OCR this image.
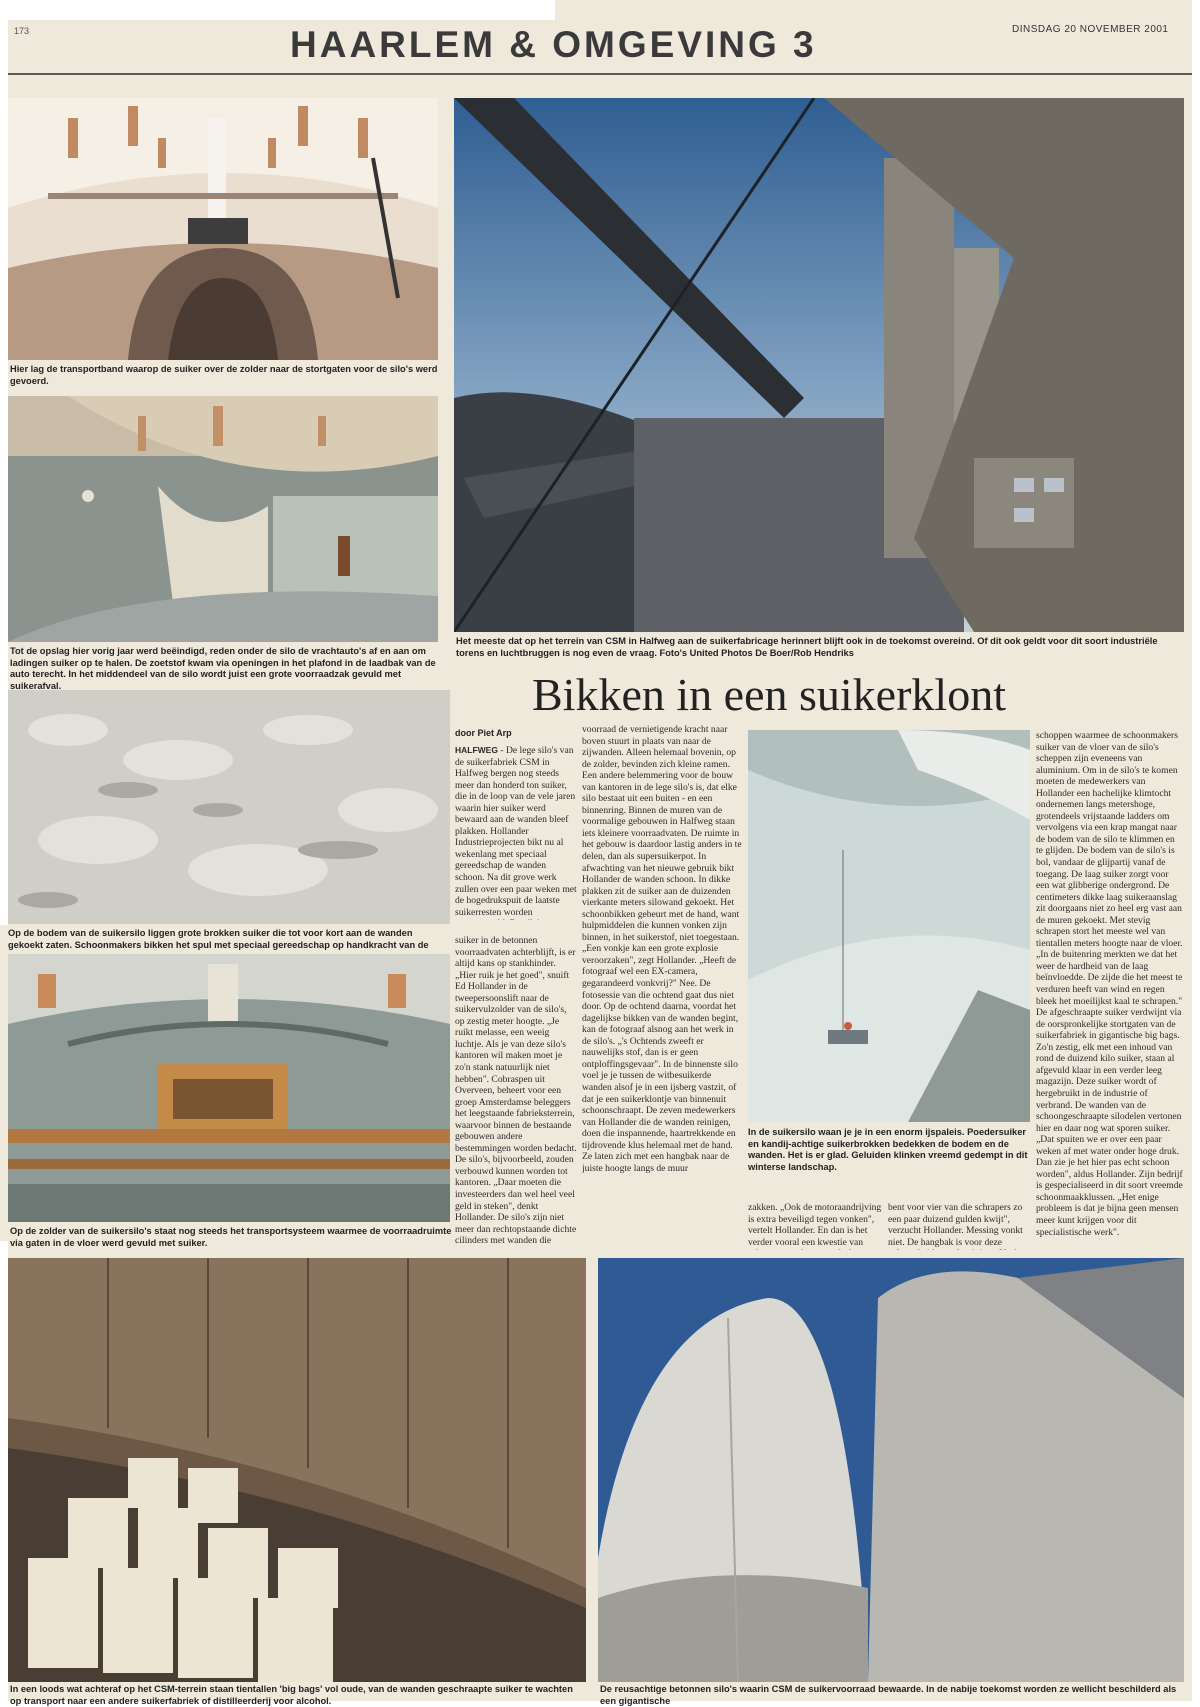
173	DINSDAG 20 NOVEMBER 2001
HAARLEM & OMGEVING 3
Hier lag de transportband waarop de suiker over de zolder naar de stortgaten voor de silo's werd gevoerd.
Tot de opslag hier vorig jaar werd beëindigd, reden onder de silo de vrachtauto's af en aan om ladingen suiker op te halen. De zoetstof kwam via openingen in het plafond in de laadbak van de auto terecht. In het middendeel van de silo wordt juist een grote voorraadzak gevuld met suikerafval.
Het meeste dat op het terrein van CSM in Halfweg aan de suikerfabricage herinnert blijft ook in de toekomst overeind. Of dit ook geldt voor dit soort industriële torens en luchtbruggen is nog even de vraag. Foto's United Photos De Boer/Rob Hendriks
Bikken in een suikerklont
door Piet Arp

HALFWEG - De lege silo's van de suikerfabriek CSM in Halfweg bergen nog steeds meer dan honderd ton suiker, die in de loop van de vele jaren waarin hier suiker werd bewaard aan de wanden bleef plakken. Hollander Industrieprojecten bikt nu al wekenlang met speciaal gereedschap de wanden schoon. Na dit grove werk zullen over een paar weken met de hogedrukspuit de laatste suikerresten worden

Op de bodem van de suikersilo liggen grote brokken suiker die tot voor kort aan de wanden gekoekt zaten. Schoonmakers bikken het spul met speciaal gereedschap op handkracht van de	suiker in de betonnen voorraadvaten achterblijft, is er altijd kans op stankhinder. „Hier ruik je het goed", snuift Ed Hollander in de tweepersoonslift naar de suikervulzolder van de silo's, op zestig meter hoogte. „Je ruikt melasse, een weeig luchtje. Als je van deze silo's kantoren wil maken moet je zo'n stank natuurlijk niet hebben". Cobraspen uit Overveen, beheert voor een groep Amsterdamse beleggers het leegstaande fabrieksterrein, waarvoor binnen de bestaande gebouwen andere bestemmingen worden bedacht. De silo's, bijvoorbeeld, zouden verbouwd kunnen worden tot kantoren. „Daar moeten die investeerders dan wel heel veel geld in steken", denkt Hollander. De silo's zijn niet meer dan rechtopstaande dichte cilinders met wanden die

voorraad de vernietigende kracht naar boven stuurt in plaats van naar de zijwanden. Alleen helemaal bovenin, op de zolder, bevinden zich kleine ramen. Een andere belemmering voor de bouw van kantoren in de lege silo's is, dat elke silo bestaat uit een buiten - en een binnenring. Binnen de muren van de voormalige gebouwen in Halfweg staan iets kleinere voorraadvaten. De ruimte in het gebouw is daardoor lastig anders in te delen, dan als supersuikerpot. In afwachting van het nieuwe gebruik bikt Hollander de wanden schoon. In dikke plakken zit de suiker aan de duizenden vierkante meters silowand gekoekt. Het schoonbikken gebeurt met de hand, want hulpmiddelen die kunnen vonken zijn binnen, in het suikerstof, niet toegestaan. „Een vonkje kan een grote explosie veroorzaken", zegt Hollander. „Heeft de fotograaf wel een EX-camera, gegarandeerd vonkvrij?" Nee. De fotosessie van die ochtend gaat dus niet door. Op de ochtend daarna, voordat het dagelijkse bikken van de wanden begint, kan de fotograaf alsnog aan het werk in de silo's. „'s Ochtends zweeft er nauwelijks stof, dan is er geen ontploffingsgevaar". In de binnenste silo voel je je tussen de witbesuikerde wanden alsof je in een ijsberg vastzit, of dat je een suikerklontje van binnenuit schoonschraapt. De zeven medewerkers van Hollander die de wanden reinigen, doen die inspannende, haartrekkende en tijdrovende klus helemaal met de hand. Ze laten zich met een hangbak naar de juiste hoogte langs de muur

In de suikersilo waan je je in een enorm ijspaleis. Poedersuiker en kandij-achtige suikerbrokken bedekken de bodem en de wanden. Het is er glad. Geluiden klinken vreemd gedempt in dit winterse landschap.

zakken. „Ook de motoraandrijving is extra beveiligd tegen vonken", vertelt Hollander. En dan is het verder vooral een kwestie van

bent voor vier van die schrapers zo een paar duizend gulden kwijt", verzucht Hollander. Messing vonkt niet. De hangbak is voor deze

schoppen waarmee de schoonmakers suiker van de vloer van de silo's scheppen zijn eveneens van aluminium. Om in de silo's te komen moeten de medewerkers van Hollander een hachelijke klimtocht ondernemen langs metershoge, grotendeels vrijstaande ladders om vervolgens via een krap mangat naar de bodem van de silo te klimmen en te glijden. De bodem van de silo's is bol, vandaar de glijpartij vanaf de toegang. De laag suiker zorgt voor een wat glibberige ondergrond. De centimeters dikke laag suikeraanslag zit doorgaans niet zo heel erg vast aan de muren gekoekt. Met stevig schrapen stort het meeste wel van tientallen meters hoogte naar de vloer. „In de buitenring merkten we dat het weer de hardheid van de laag beïnvloedde. De zijde die het meest te verduren heeft van wind en regen bleek het moeilijkst kaal te schrapen." De afgeschraapte suiker verdwijnt via de oorspronkelijke stortgaten van de suikerfabriek in gigantische big bags. Zo'n zestig, elk met een inhoud van rond de duizend kilo suiker, staan al afgevuld klaar in een verder leeg magazijn. Deze suiker wordt of hergebruikt in de industrie of verbrand. De wanden van de schoongeschraapte silodelen vertonen hier en daar nog wat sporen suiker. „Dat spuiten we er over een paar weken af met water onder hoge druk. Dan zie je het hier pas echt schoon worden", aldus Hollander. Zijn bedrijf is gespecialiseerd in dit soort vreemde schoonmaakklussen. „Het enige probleem is dat je bijna geen mensen meer kunt krijgen voor dit specialistische werk".

Op de zolder van de suikersilo's staat nog steeds het transportsysteem waarmee de voorraadruimte via gaten in de vloer werd gevuld met suiker.
In een loods wat achteraf op het CSM-terrein staan tientallen 'big bags' vol oude, van de wanden geschraapte suiker te wachten op transport naar een andere suikerfabriek of distilleerderij voor alcohol.
De reusachtige betonnen silo's waarin CSM de suikervoorraad bewaarde. In de nabije toekomst worden ze wellicht beschilderd als een gigantische
